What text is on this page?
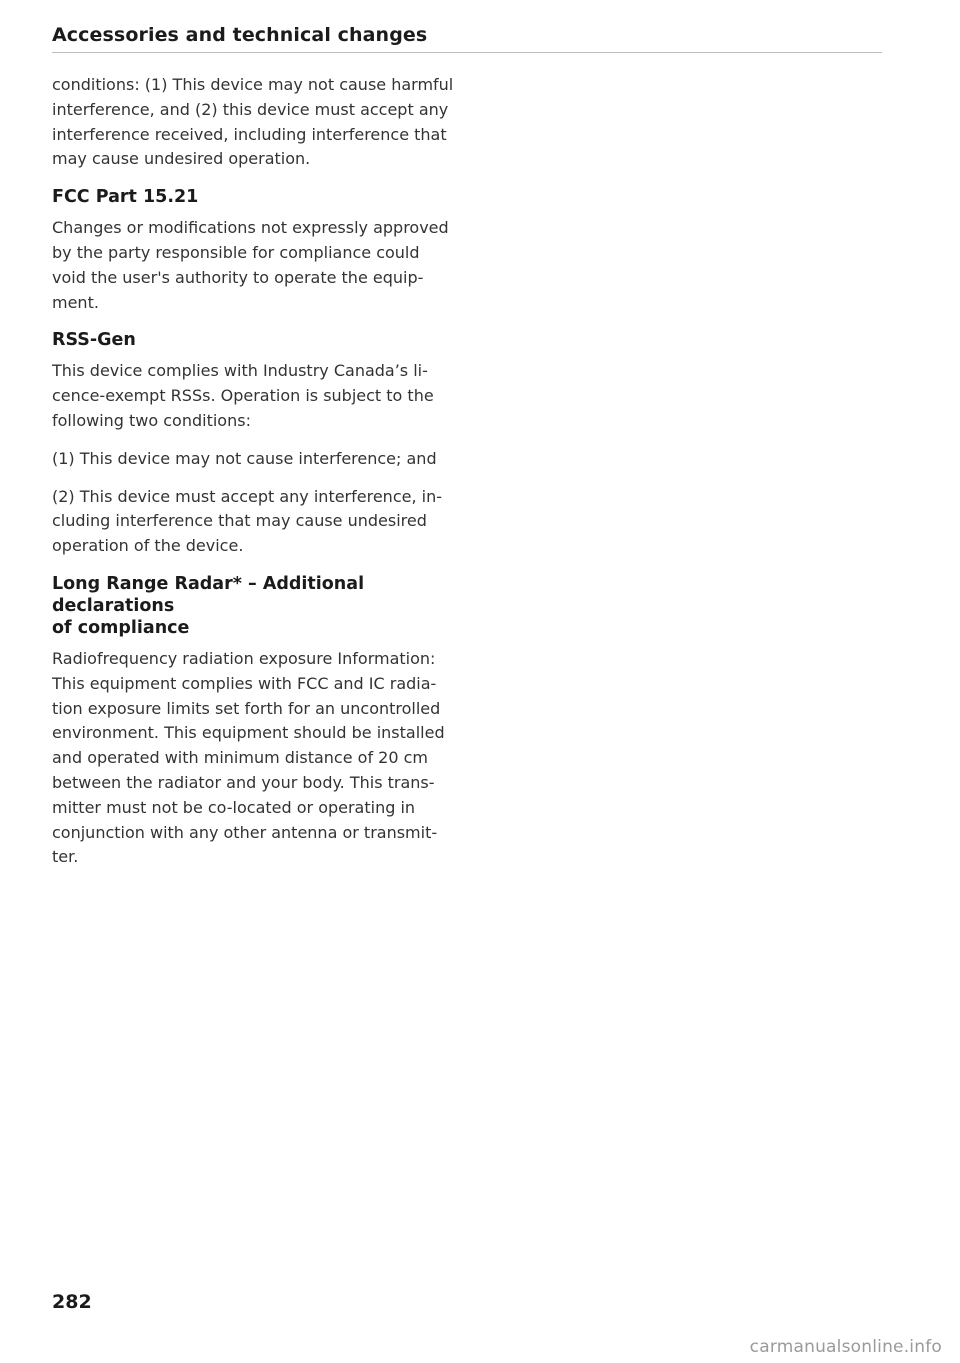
Accessories and technical changes

conditions: (1) This device may not cause harmful
interference, and (2) this device must accept any
interference received, including interference that
may cause undesired operation.

FCC Part 15.21

Changes or modifications not expressly approved
by the party responsible for compliance could
void the user's authority to operate the equip-
ment.

RSS-Gen

This device complies with Industry Canada’s li-
cence-exempt RSSs. Operation is subject to the
following two conditions:

(1) This device may not cause interference; and

(2) This device must accept any interference, in-
cluding interference that may cause undesired
operation of the device.

Long Range Radar* – Additional declarations
of compliance

Radiofrequency radiation exposure Information:
This equipment complies with FCC and IC radia-
tion exposure limits set forth for an uncontrolled
environment. This equipment should be installed
and operated with minimum distance of 20 cm
between the radiator and your body. This trans-
mitter must not be co-located or operating in
conjunction with any other antenna or transmit-
ter.

282
carmanualsonline.info
